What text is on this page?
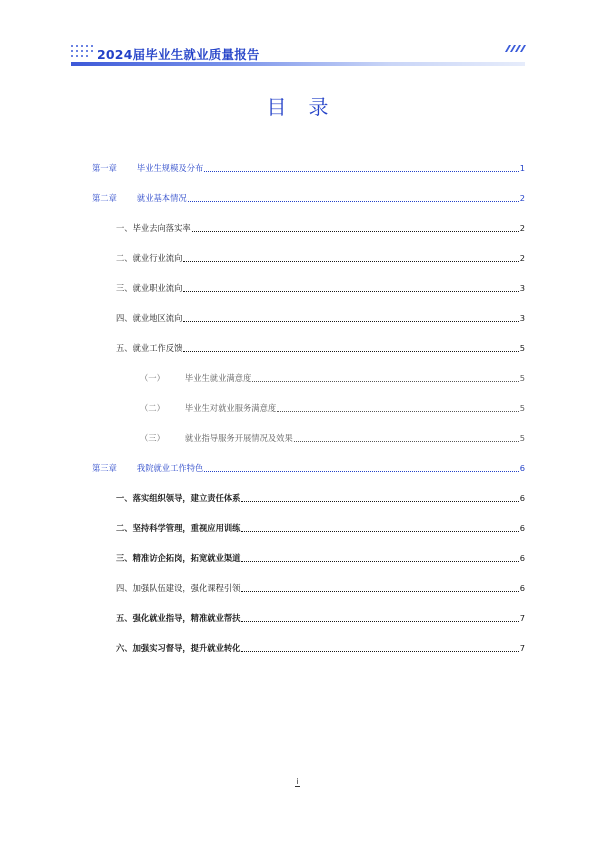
2024届毕业生就业质量报告
目录
第一章 毕业生规模及分布	1
第二章 就业基本情况	2
一、毕业去向落实率	2
二、就业行业流向	2
三、就业职业流向	3
四、就业地区流向	3
五、就业工作反馈	5
（一） 毕业生就业满意度	5
（二） 毕业生对就业服务满意度	5
（三） 就业指导服务开展情况及效果	5
第三章 我院就业工作特色	6
一、落实组织领导，建立责任体系	6
二、坚持科学管理，重视应用训练	6
三、精准访企拓岗，拓宽就业渠道	6
四、加强队伍建设，强化课程引领	6
五、强化就业指导，精准就业帮扶	7
六、加强实习督导，提升就业转化	7
i
